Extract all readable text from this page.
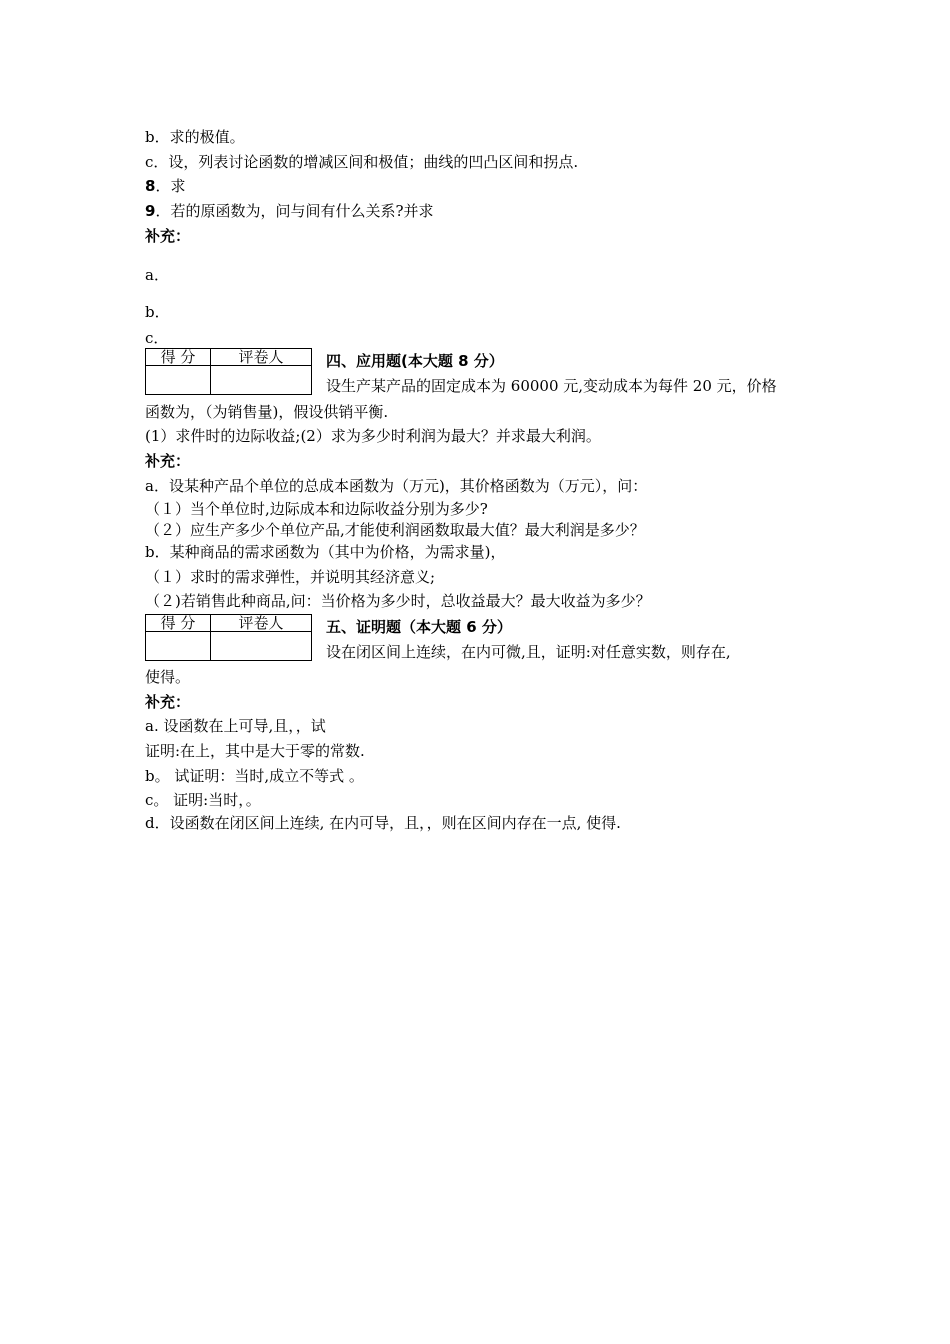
b．求的极值。
c．设，列表讨论函数的增减区间和极值；曲线的凹凸区间和拐点.
8．求
9．若的原函数为，问与间有什么关系?并求
补充：
a．
b．
c．
得 分	评卷人
		四、应用题(本大题 8 分）
设生产某产品的固定成本为 60000 元,变动成本为每件 20 元，价格
函数为，（为销售量)，假设供销平衡.
(1）求件时的边际收益;(2）求为多少时利润为最大？并求最大利润。
补充：
a．设某种产品个单位的总成本函数为（万元)，其价格函数为（万元），问：
（１）当个单位时,边际成本和边际收益分别为多少?
（２）应生产多少个单位产品,才能使利润函数取最大值？最大利润是多少？
b．某种商品的需求函数为（其中为价格，为需求量)，
（１）求时的需求弹性，并说明其经济意义;
（２)若销售此种商品,问：当价格为多少时，总收益最大？最大收益为多少？
得 分	评卷人
		五、证明题（本大题 6 分）
设在闭区间上连续，在内可微,且，证明:对任意实数，则存在,
使得。
补充：
a. 设函数在上可导,且，，试
证明:在上，其中是大于零的常数.
b。 试证明：当时,成立不等式 。
c。 证明:当时，。
d．设函数在闭区间上连续, 在内可导，且，，则在区间内存在一点, 使得.
